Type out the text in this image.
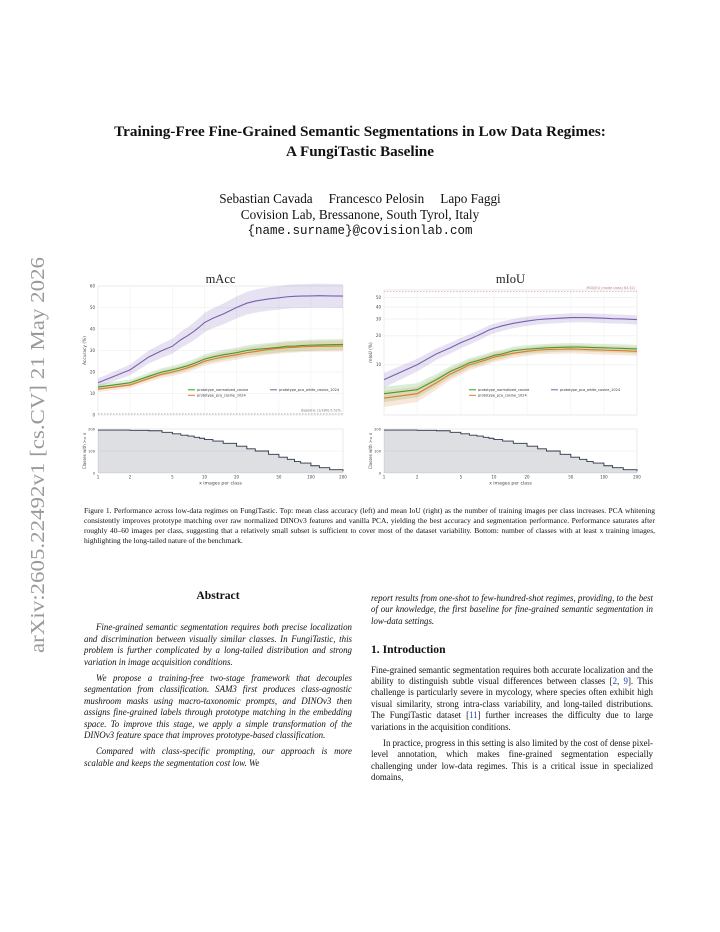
arXiv:2605.22492v1 [cs.CV] 21 May 2026
Training-Free Fine-Grained Semantic Segmentations in Low Data Regimes:
A FungiTastic Baseline
Sebastian Cavada Francesco Pelosin Lapo Faggi
Covision Lab, Bressanone, South Tyrol, Italy
{name.surname}@covisionlab.com
mAcc
0
10
20
30
40
50
60
Baseline (1/184) 0.52%
Accuracy (%)
prototype_normalized_cosine	prototype_pca_white_cosine_1024
prototype_pca_cosine_1024
0
100
200
Classes with >= x
1	2	5	10	20	50	100	200
x images per class
mIoU
10
20
30
40
50
MD0(EU (mode class) 63.52)
mIoU (%)
prototype_normalized_cosine	prototype_pca_white_cosine_1024
prototype_pca_cosine_1024
0
100
200
Classes with >= x
1	2	5	10	20	50	100	200
x images per class
Figure 1. Performance across low-data regimes on FungiTastic. Top: mean class accuracy (left) and mean IoU (right) as the number of training images per class increases. PCA whitening consistently improves prototype matching over raw normalized DINOv3 features and vanilla PCA, yielding the best accuracy and segmentation performance. Performance saturates after roughly 40–60 images per class, suggesting that a relatively small subset is sufficient to cover most of the dataset variability. Bottom: number of classes with at least x training images, highlighting the long-tailed nature of the benchmark.
Abstract

Fine-grained semantic segmentation requires both precise localization and discrimination between visually similar classes. In FungiTastic, this problem is further complicated by a long-tailed distribution and strong variation in image acquisition conditions.

We propose a training-free two-stage framework that decouples segmentation from classification. SAM3 first produces class-agnostic mushroom masks using macro-taxonomic prompts, and DINOv3 then assigns fine-grained labels through prototype matching in the embedding space. To improve this stage, we apply a simple transformation of the DINOv3 feature space that improves prototype-based classification.

Compared with class-specific prompting, our approach is more scalable and keeps the segmentation cost low. We

report results from one-shot to few-hundred-shot regimes, providing, to the best of our knowledge, the first baseline for fine-grained semantic segmentation in low-data settings.

1. Introduction

Fine-grained semantic segmentation requires both accurate localization and the ability to distinguish subtle visual differences between classes [2, 9]. This challenge is particularly severe in mycology, where species often exhibit high visual similarity, strong intra-class variability, and long-tailed distributions. The FungiTastic dataset [11] further increases the difficulty due to large variations in the acquisition conditions.

In practice, progress in this setting is also limited by the cost of dense pixel-level annotation, which makes fine-grained segmentation especially challenging under low-data regimes. This is a critical issue in specialized domains,
